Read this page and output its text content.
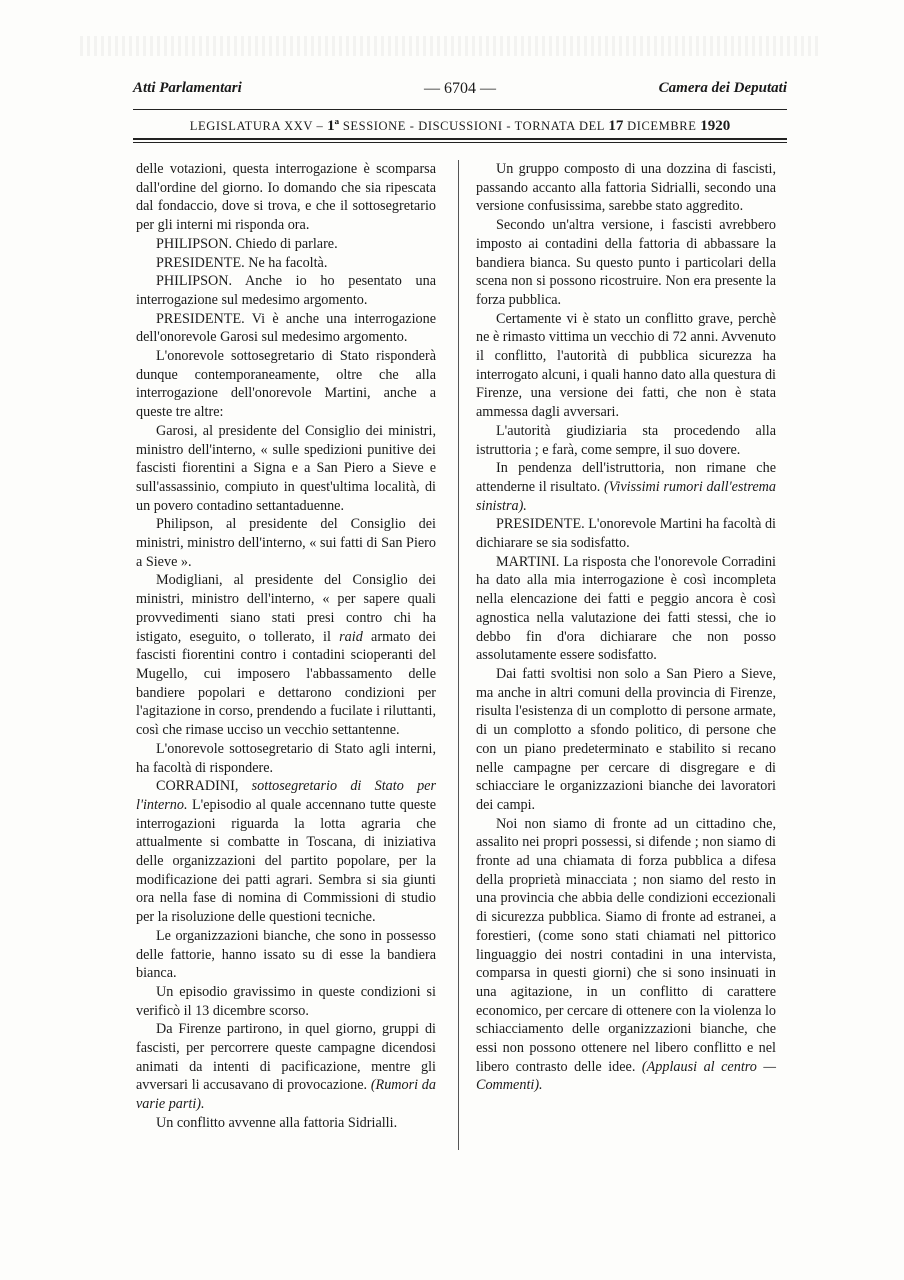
Atti Parlamentari	— 6704 —	Camera dei Deputati
LEGISLATURA XXV – 1ª SESSIONE - DISCUSSIONI - TORNATA DEL 17 DICEMBRE 1920

delle votazioni, questa interrogazione è scomparsa dall'ordine del giorno. Io domando che sia ripescata dal fondaccio, dove si trova, e che il sottosegretario per gli interni mi risponda ora.

PHILIPSON. Chiedo di parlare.

PRESIDENTE. Ne ha facoltà.

PHILIPSON. Anche io ho pesentato una interrogazione sul medesimo argomento.

PRESIDENTE. Vi è anche una interrogazione dell'onorevole Garosi sul medesimo argomento.

L'onorevole sottosegretario di Stato risponderà dunque contemporaneamente, oltre che alla interrogazione dell'onorevole Martini, anche a queste tre altre:

Garosi, al presidente del Consiglio dei ministri, ministro dell'interno, « sulle spedizioni punitive dei fascisti fiorentini a Signa e a San Piero a Sieve e sull'assassinio, compiuto in quest'ultima località, di un povero contadino settantaduenne.

Philipson, al presidente del Consiglio dei ministri, ministro dell'interno, « sui fatti di San Piero a Sieve ».

Modigliani, al presidente del Consiglio dei ministri, ministro dell'interno, « per sapere quali provvedimenti siano stati presi contro chi ha istigato, eseguito, o tollerato, il raid armato dei fascisti fiorentini contro i contadini scioperanti del Mugello, cui imposero l'abbassamento delle bandiere popolari e dettarono condizioni per l'agitazione in corso, prendendo a fucilate i riluttanti, così che rimase ucciso un vecchio settantenne.

L'onorevole sottosegretario di Stato agli interni, ha facoltà di rispondere.

CORRADINI, sottosegretario di Stato per l'interno. L'episodio al quale accennano tutte queste interrogazioni riguarda la lotta agraria che attualmente si combatte in Toscana, di iniziativa delle organizzazioni del partito popolare, per la modificazione dei patti agrari. Sembra si sia giunti ora nella fase di nomina di Commissioni di studio per la risoluzione delle questioni tecniche.

Le organizzazioni bianche, che sono in possesso delle fattorie, hanno issato su di esse la bandiera bianca.

Un episodio gravissimo in queste condizioni si verificò il 13 dicembre scorso.

Da Firenze partirono, in quel giorno, gruppi di fascisti, per percorrere queste campagne dicendosi animati da intenti di pacificazione, mentre gli avversari li accusavano di provocazione. (Rumori da varie parti).

Un conflitto avvenne alla fattoria Sidrialli.

Un gruppo composto di una dozzina di fascisti, passando accanto alla fattoria Sidrialli, secondo una versione confusissima, sarebbe stato aggredito.

Secondo un'altra versione, i fascisti avrebbero imposto ai contadini della fattoria di abbassare la bandiera bianca. Su questo punto i particolari della scena non si possono ricostruire. Non era presente la forza pubblica.

Certamente vi è stato un conflitto grave, perchè ne è rimasto vittima un vecchio di 72 anni. Avvenuto il conflitto, l'autorità di pubblica sicurezza ha interrogato alcuni, i quali hanno dato alla questura di Firenze, una versione dei fatti, che non è stata ammessa dagli avversari.

L'autorità giudiziaria sta procedendo alla istruttoria ; e farà, come sempre, il suo dovere.

In pendenza dell'istruttoria, non rimane che attenderne il risultato. (Vivissimi rumori dall'estrema sinistra).

PRESIDENTE. L'onorevole Martini ha facoltà di dichiarare se sia sodisfatto.

MARTINI. La risposta che l'onorevole Corradini ha dato alla mia interrogazione è così incompleta nella elencazione dei fatti e peggio ancora è così agnostica nella valutazione dei fatti stessi, che io debbo fin d'ora dichiarare che non posso assolutamente essere sodisfatto.

Dai fatti svoltisi non solo a San Piero a Sieve, ma anche in altri comuni della provincia di Firenze, risulta l'esistenza di un complotto di persone armate, di un complotto a sfondo politico, di persone che con un piano predeterminato e stabilito si recano nelle campagne per cercare di disgregare e di schiacciare le organizzazioni bianche dei lavoratori dei campi.

Noi non siamo di fronte ad un cittadino che, assalito nei propri possessi, si difende ; non siamo di fronte ad una chiamata di forza pubblica a difesa della proprietà minacciata ; non siamo del resto in una provincia che abbia delle condizioni eccezionali di sicurezza pubblica. Siamo di fronte ad estranei, a forestieri, (come sono stati chiamati nel pittorico linguaggio dei nostri contadini in una intervista, comparsa in questi giorni) che si sono insinuati in una agitazione, in un conflitto di carattere economico, per cercare di ottenere con la violenza lo schiacciamento delle organizzazioni bianche, che essi non possono ottenere nel libero conflitto e nel libero contrasto delle idee. (Applausi al centro — Commenti).
